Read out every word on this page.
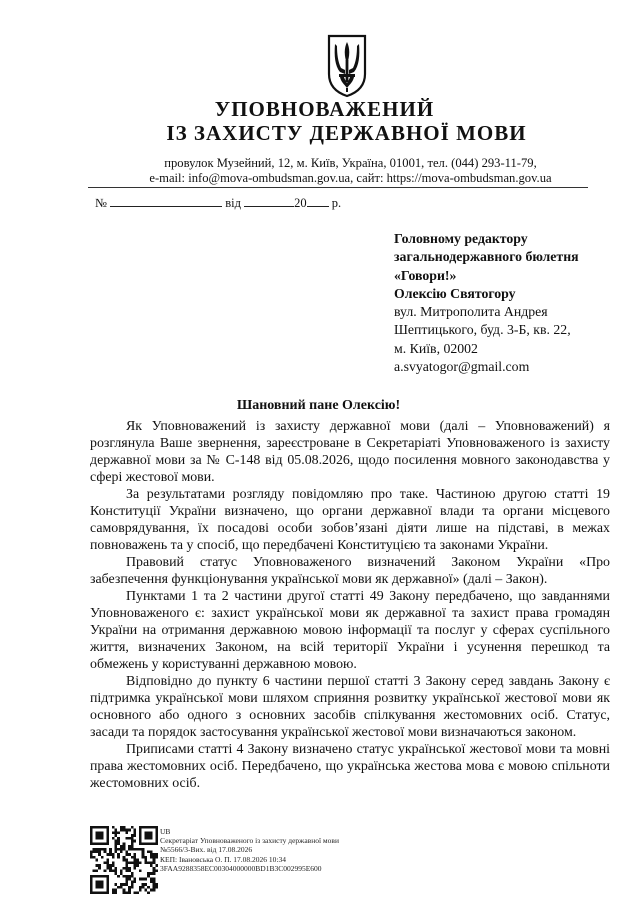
УПОВНОВАЖЕНИЙ
ІЗ ЗАХИСТУ ДЕРЖАВНОЇ МОВИ
провулок Музейний, 12, м. Київ, Україна, 01001, тел. (044) 293-11-79,
e-mail: info@mova-ombudsman.gov.ua, сайт: https://mova-ombudsman.gov.ua
№	від	20 р.
Головному редактору
загальнодержавного бюлетня
«Говори!»
Олексію Святогору
вул. Митрополита Андрея
Шептицького, буд. 3-Б, кв. 22,
м. Київ, 02002
a.svyatogor@gmail.com
Шановний пане Олексію!

Як Уповноважений із захисту державної мови (далі – Уповноважений) я розглянула Ваше звернення, зареєстроване в Секретаріаті Уповноваженого із захисту державної мови за № С-148 від 05.08.2026, щодо посилення мовного законодавства у сфері жестової мови.

За результатами розгляду повідомляю про таке. Частиною другою статті 19 Конституції України визначено, що органи державної влади та органи місцевого самоврядування, їх посадові особи зобов’язані діяти лише на підставі, в межах повноважень та у спосіб, що передбачені Конституцією та законами України.

Правовий статус Уповноваженого визначений Законом України «Про забезпечення функціонування української мови як державної» (далі – Закон).

Пунктами 1 та 2 частини другої статті 49 Закону передбачено, що завданнями Уповноваженого є: захист української мови як державної та захист права громадян України на отримання державною мовою інформації та послуг у сферах суспільного життя, визначених Законом, на всій території України і усунення перешкод та обмежень у користуванні державною мовою.

Відповідно до пункту 6 частини першої статті 3 Закону серед завдань Закону є підтримка української мови шляхом сприяння розвитку української жестової мови як основного або одного з основних засобів спілкування жестомовних осіб. Статус, засади та порядок застосування української жестової мови визначаються законом.

Приписами статті 4 Закону визначено статус української жестової мови та мовні права жестомовних осіб. Передбачено, що українська жестова мова є мовою спільноти жестомовних осіб.

UB
Секретаріат Уповноваженого із захисту державної мови
№5566/3-Вих. від 17.08.2026
КЕП: Івановська О. П. 17.08.2026 10:34
3FAA9288358EC00304000000BD1B3C002995E600
